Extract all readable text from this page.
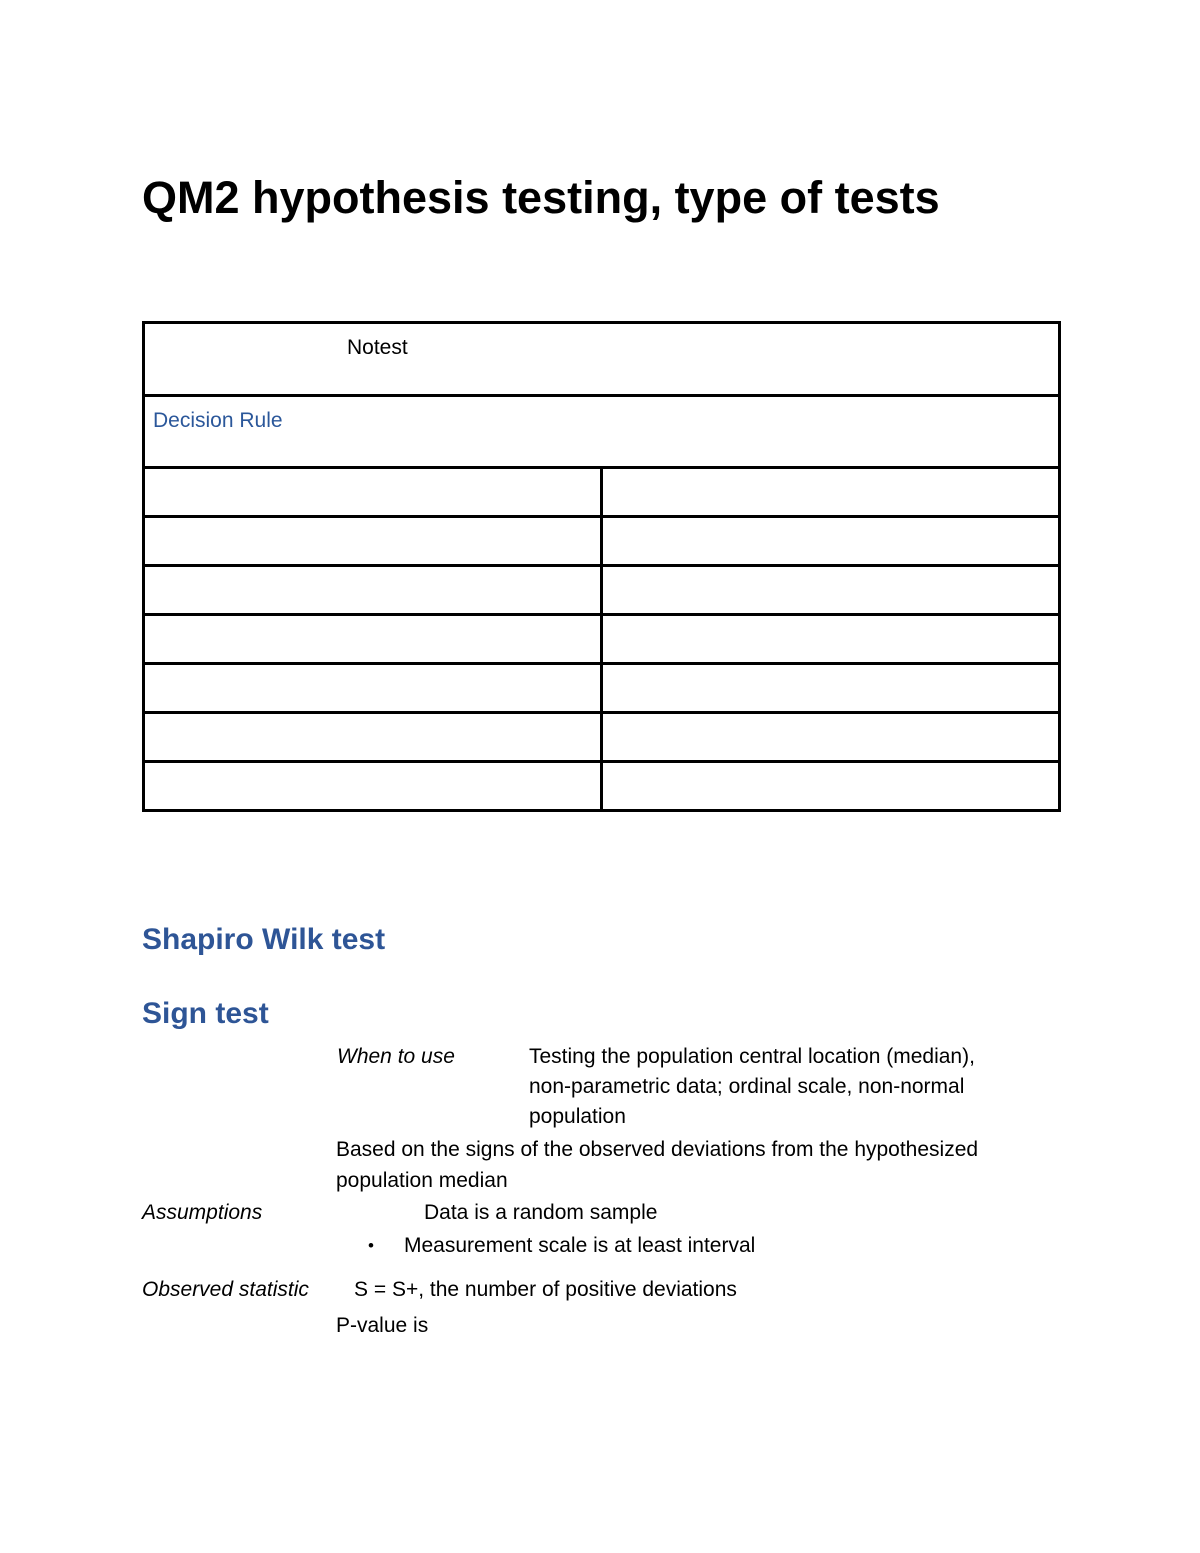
QM2 hypothesis testing, type of tests
Notest	
Decision Rule	

Shapiro Wilk test
Sign test

When to use	Testing the population central location (median),

non-parametric data; ordinal scale, non-normal

population

Based on the signs of the observed deviations from the hypothesized

population median

Assumptions	Data is a random sample

• Measurement scale is at least interval

Observed statistic S = S+, the number of positive deviations

P-value is
